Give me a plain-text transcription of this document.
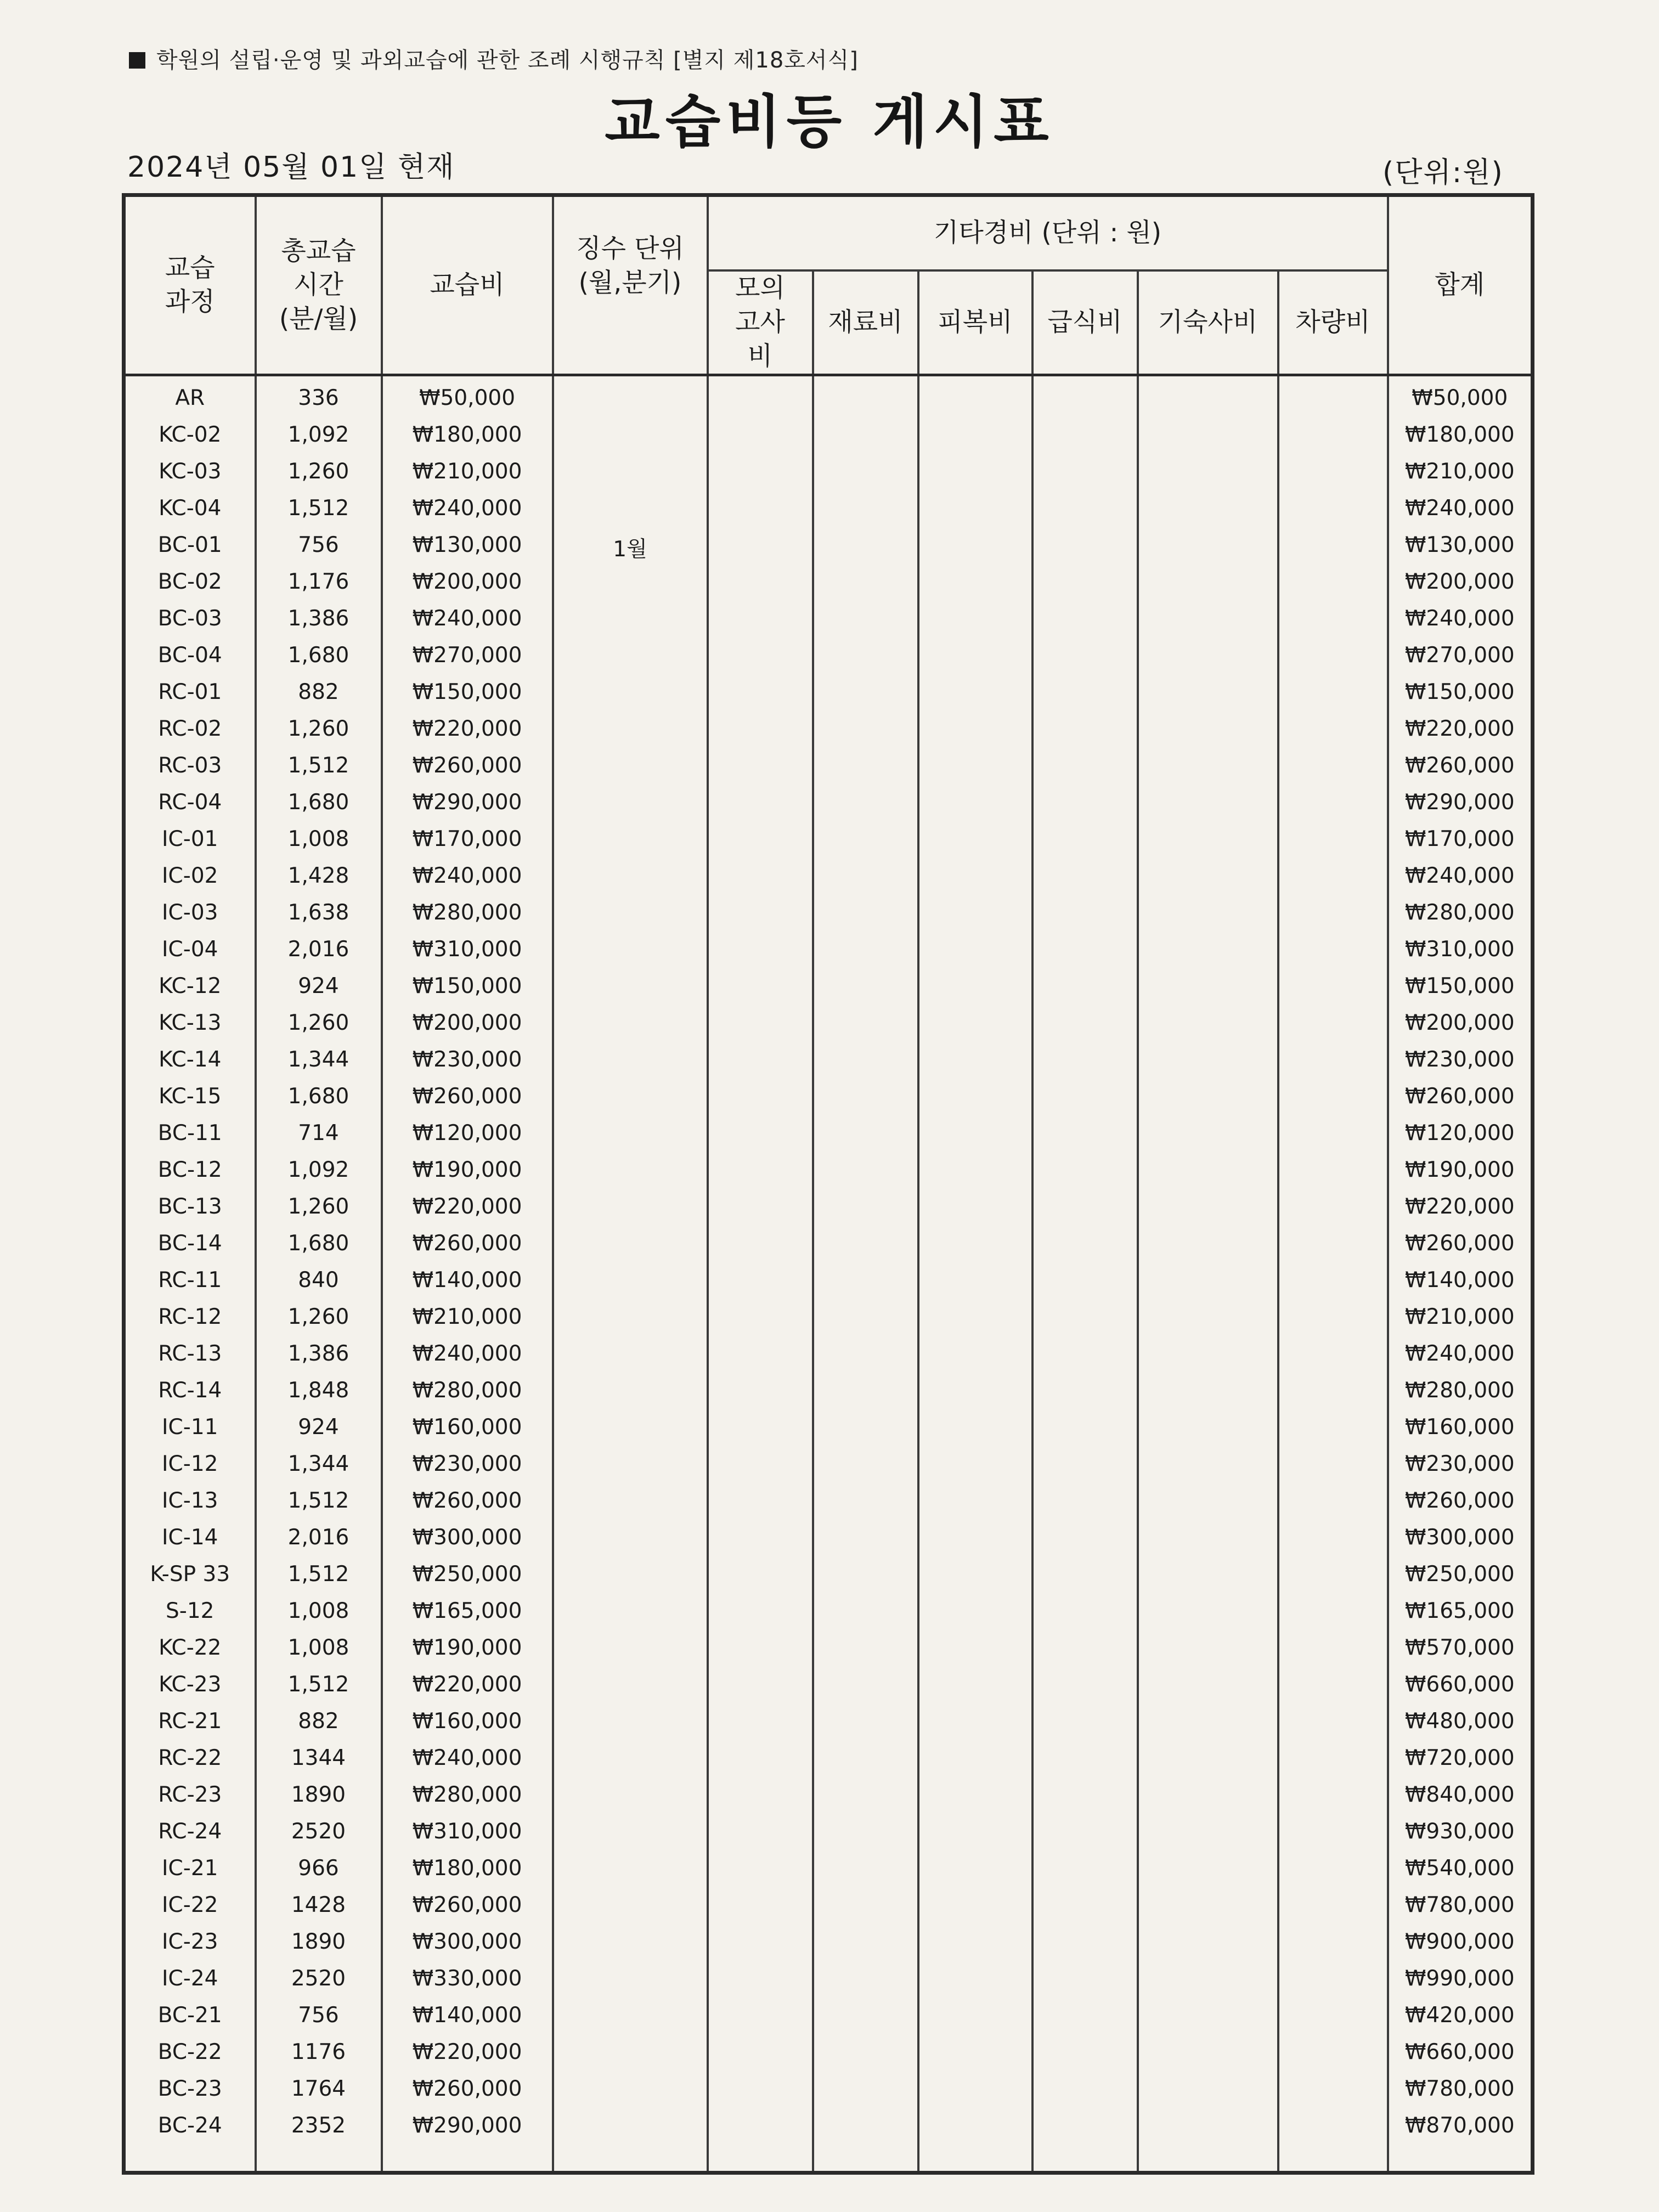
학원의 설립·운영 및 과외교습에 관한 조례 시행규칙 [별지 제18호서식]
교습비등 게시표
2024년 05월 01일 현재	(단위:원)
교습 과정	총교습 시간 (분/월)	교습비	징수 단위 (월,분기)	기타경비 (단위 : 원)						합계

				모의 고사비	재료비	피복비	급식비	기숙사비	차량비	
AR	336	₩50,000	1월							₩50,000
KC-02	1,092	₩180,000								₩180,000
KC-03	1,260	₩210,000								₩210,000
KC-04	1,512	₩240,000								₩240,000
BC-01	756	₩130,000								₩130,000
BC-02	1,176	₩200,000								₩200,000
BC-03	1,386	₩240,000								₩240,000
BC-04	1,680	₩270,000								₩270,000
RC-01	882	₩150,000								₩150,000
RC-02	1,260	₩220,000								₩220,000
RC-03	1,512	₩260,000								₩260,000
RC-04	1,680	₩290,000								₩290,000
IC-01	1,008	₩170,000								₩170,000
IC-02	1,428	₩240,000								₩240,000
IC-03	1,638	₩280,000								₩280,000
IC-04	2,016	₩310,000								₩310,000
KC-12	924	₩150,000								₩150,000
KC-13	1,260	₩200,000								₩200,000
KC-14	1,344	₩230,000								₩230,000
KC-15	1,680	₩260,000								₩260,000
BC-11	714	₩120,000								₩120,000
BC-12	1,092	₩190,000								₩190,000
BC-13	1,260	₩220,000								₩220,000
BC-14	1,680	₩260,000								₩260,000
RC-11	840	₩140,000								₩140,000
RC-12	1,260	₩210,000								₩210,000
RC-13	1,386	₩240,000								₩240,000
RC-14	1,848	₩280,000								₩280,000
IC-11	924	₩160,000								₩160,000
IC-12	1,344	₩230,000								₩230,000
IC-13	1,512	₩260,000								₩260,000
IC-14	2,016	₩300,000								₩300,000
K-SP 33	1,512	₩250,000								₩250,000
S-12	1,008	₩165,000								₩165,000
KC-22	1,008	₩190,000								₩570,000
KC-23	1,512	₩220,000								₩660,000
RC-21	882	₩160,000								₩480,000
RC-22	1344	₩240,000								₩720,000
RC-23	1890	₩280,000								₩840,000
RC-24	2520	₩310,000								₩930,000
IC-21	966	₩180,000								₩540,000
IC-22	1428	₩260,000								₩780,000
IC-23	1890	₩300,000								₩900,000
IC-24	2520	₩330,000								₩990,000
BC-21	756	₩140,000								₩420,000
BC-22	1176	₩220,000								₩660,000
BC-23	1764	₩260,000								₩780,000
BC-24	2352	₩290,000								₩870,000
